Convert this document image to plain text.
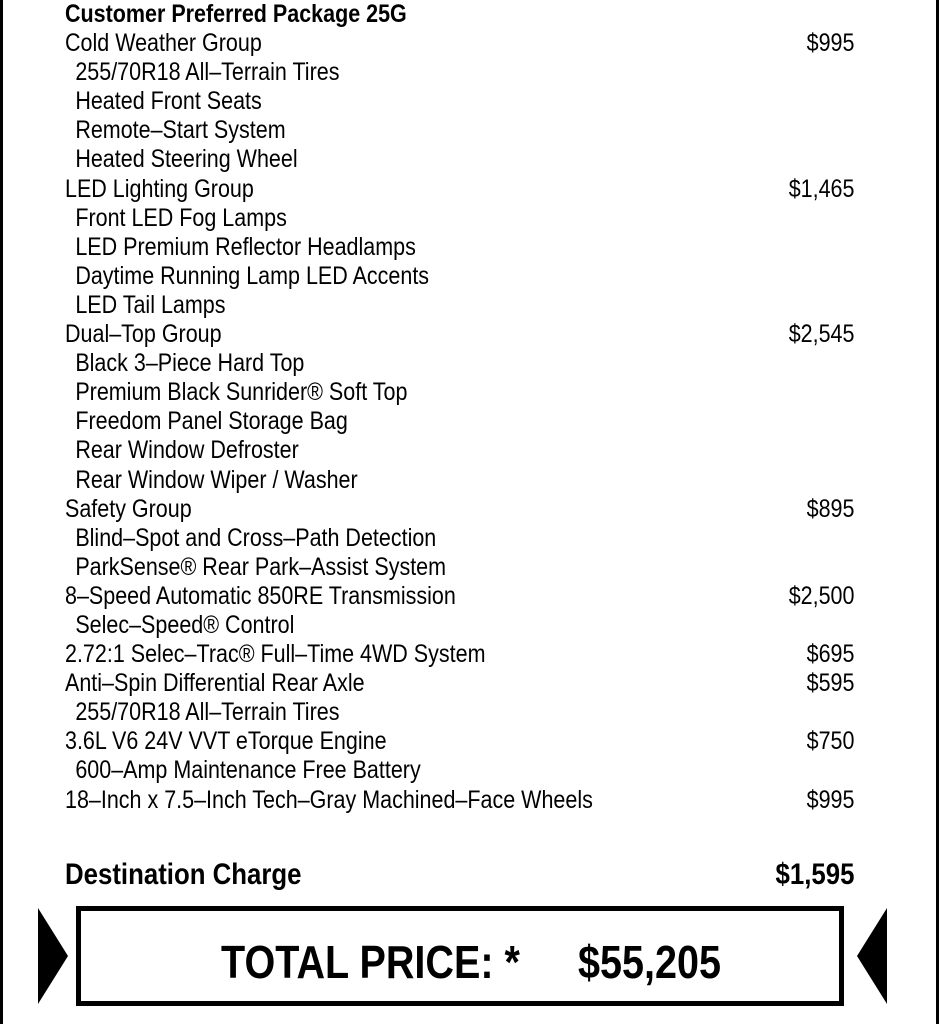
Customer Preferred Package 25G
Cold Weather Group	$995
255/70R18 All–Terrain Tires
Heated Front Seats
Remote–Start System
Heated Steering Wheel
LED Lighting Group	$1,465
Front LED Fog Lamps
LED Premium Reflector Headlamps
Daytime Running Lamp LED Accents
LED Tail Lamps
Dual–Top Group	$2,545
Black 3–Piece Hard Top
Premium Black Sunrider® Soft Top
Freedom Panel Storage Bag
Rear Window Defroster
Rear Window Wiper / Washer
Safety Group	$895
Blind–Spot and Cross–Path Detection
ParkSense® Rear Park–Assist System
8–Speed Automatic 850RE Transmission	$2,500
Selec–Speed® Control
2.72:1 Selec–Trac® Full–Time 4WD System	$695
Anti–Spin Differential Rear Axle	$595
255/70R18 All–Terrain Tires
3.6L V6 24V VVT eTorque Engine	$750
600–Amp Maintenance Free Battery
18–Inch x 7.5–Inch Tech–Gray Machined–Face Wheels	$995
Destination Charge	$1,595
TOTAL PRICE: * $55,205
